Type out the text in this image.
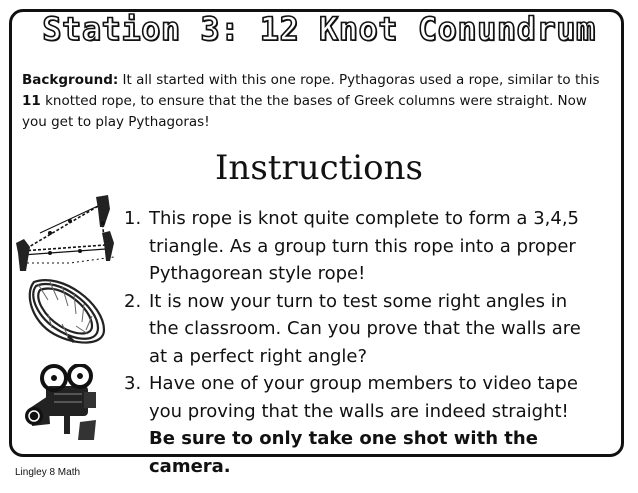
Station 3: 12 Knot Conundrum
Background: It all started with this one rope. Pythagoras used a rope, similar to this 11 knotted rope, to ensure that the the bases of Greek columns were straight. Now you get to play Pythagoras!
Instructions
1. This rope is knot quite complete to form a 3,4,5 triangle. As a group turn this rope into a proper Pythagorean style rope!
2. It is now your turn to test some right angles in the classroom. Can you prove that the walls are at a perfect right angle?
3. Have one of your group members to video tape you proving that the walls are indeed straight! Be sure to only take one shot with the camera.
Lingley 8 Math
